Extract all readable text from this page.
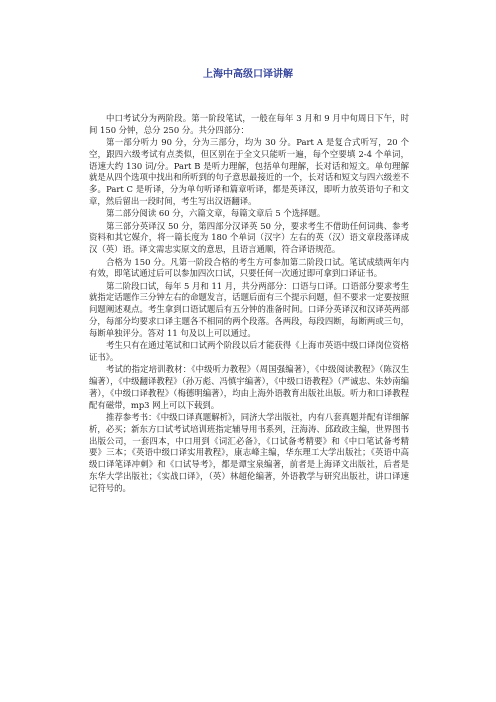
上海中高级口译讲解

中口考试分为两阶段。第一阶段笔试，一般在每年 3 月和 9 月中旬周日下午，时间 150 分钟，总分 250 分。共分四部分：

第一部分听力 90 分，分为三部分，均为 30 分。Part A 是复合式听写，20 个空，跟四六级考试有点类似，但区别在于全文只能听一遍，每个空要填 2-4 个单词，语速大约 130 词/分。Part B 是听力理解，包括单句理解，长对话和短文。单句理解就是从四个选项中找出和所听到的句子意思最接近的一个，长对话和短文与四六级差不多。Part C 是听译，分为单句听译和篇章听译，都是英译汉，即听力放英语句子和文章，然后留出一段时间，考生写出汉语翻译。

第二部分阅读 60 分，六篇文章，每篇文章后 5 个选择题。

第三部分英译汉 50 分，第四部分汉译英 50 分，要求考生不借助任何词典、参考资料和其它媒介，将一篇长度为 180 个单词（汉字）左右的英（汉）语文章段落译成汉（英）语。译文需忠实原文的意思，且语言通顺，符合译语规范。

合格为 150 分。凡第一阶段合格的考生方可参加第二阶段口试。笔试成绩两年内有效，即笔试通过后可以参加四次口试，只要任何一次通过即可拿到口译证书。

第二阶段口试，每年 5 月和 11 月，共分两部分：口语与口译。口语部分要求考生就指定话题作三分钟左右的命题发言，话题后面有三个提示问题，但不要求一定要按照问题阐述观点。考生拿到口语试题后有五分钟的准备时间。口译分英译汉和汉译英两部分，每部分均要求口译主题各不相同的两个段落。各两段，每段四断，每断两或三句，每断单独评分。答对 11 句及以上可以通过。

考生只有在通过笔试和口试两个阶段以后才能获得《上海市英语中级口译岗位资格证书》。

考试的指定培训教材：《中级听力教程》（周国强编著），《中级阅读教程》（陈汉生编著），《中级翻译教程》（孙万彪、冯慎宇编著），《中级口语教程》（严诚忠、朱妙南编著），《中级口译教程》（梅德明编著），均由上海外语教育出版社出版。听力和口译教程配有磁带，mp3 网上可以下载到。

推荐参考书：《中级口译真题解析》，同济大学出版社，内有八套真题并配有详细解析，必买；新东方口试考试培训班指定辅导用书系列，汪海涛、邱政政主编，世界图书出版公司，一套四本，中口用到《词汇必备》，《口试备考精要》和《中口笔试备考精要》三本；《英语中级口译实用教程》，康志峰主编，华东理工大学出版社；《英语中高级口译笔译冲刺》和《口试导考》，都是谭宝泉编著，前者是上海译文出版社，后者是东华大学出版社；《实战口译》，（英）林超伦编著，外语教学与研究出版社，讲口译速记符号的。
